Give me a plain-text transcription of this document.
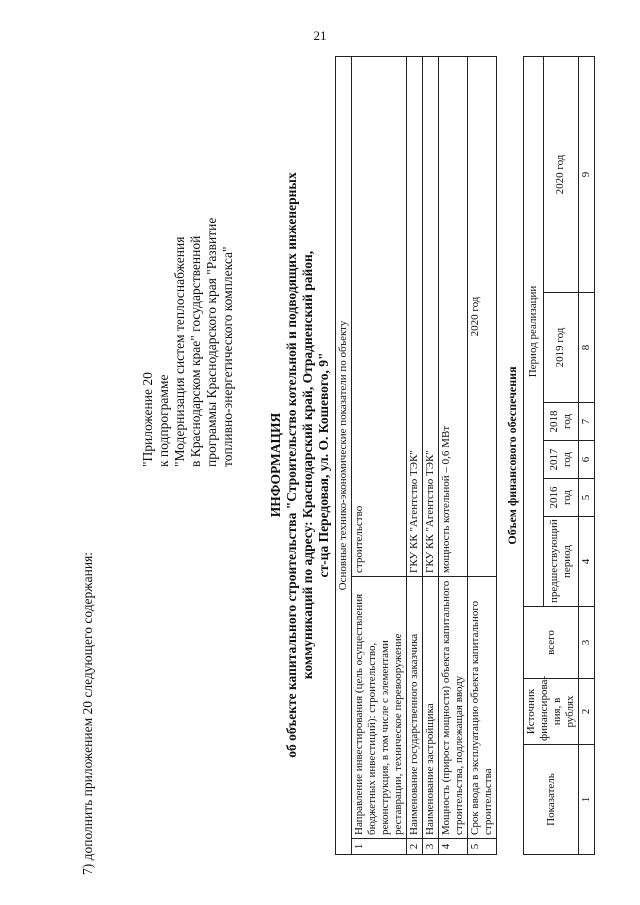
21
7) дополнить приложением 20 следующего содержания:
"Приложение 20 к подпрограмме "Модернизация систем теплоснабжения в Краснодарском крае" государственной программы Краснодарского края "Развитие топливно-энергетического комплекса" ИНФОРМАЦИЯ об объекте капитального строительства "Строительство котельной и подводящих инженерных коммуникаций по адресу: Краснодарский край, Отрадненский район, ст-ца Передовая, ул. О. Кошевого, 9" Основные технико-экономические показатели по объекту		
1	Направление инвестирования (цель осуществления бюджетных инвестиций): строительство, реконструкция, в том числе с элементами реставрации, техническое перевооружение	строительство
2	Наименование государственного заказчика	ГКУ КК "Агентство ТЭК"
3	Наименование застройщика	ГКУ КК "Агентство ТЭК"
4	Мощность (прирост мощности) объекта капитального строительства, подлежащая вводу	мощность котельной – 0,6 МВт
5	Срок ввода в эксплуатацию объекта капитального строительства	2020 год
Объем финансового обеспечения
Показатель	Источник финансирова-ния, в рублях	всего	Период реализации					
			предшествующий период	2016 год	2017 год	2018 год	2019 год	2020 год
1	2	3	4	5	6	7	8	9
